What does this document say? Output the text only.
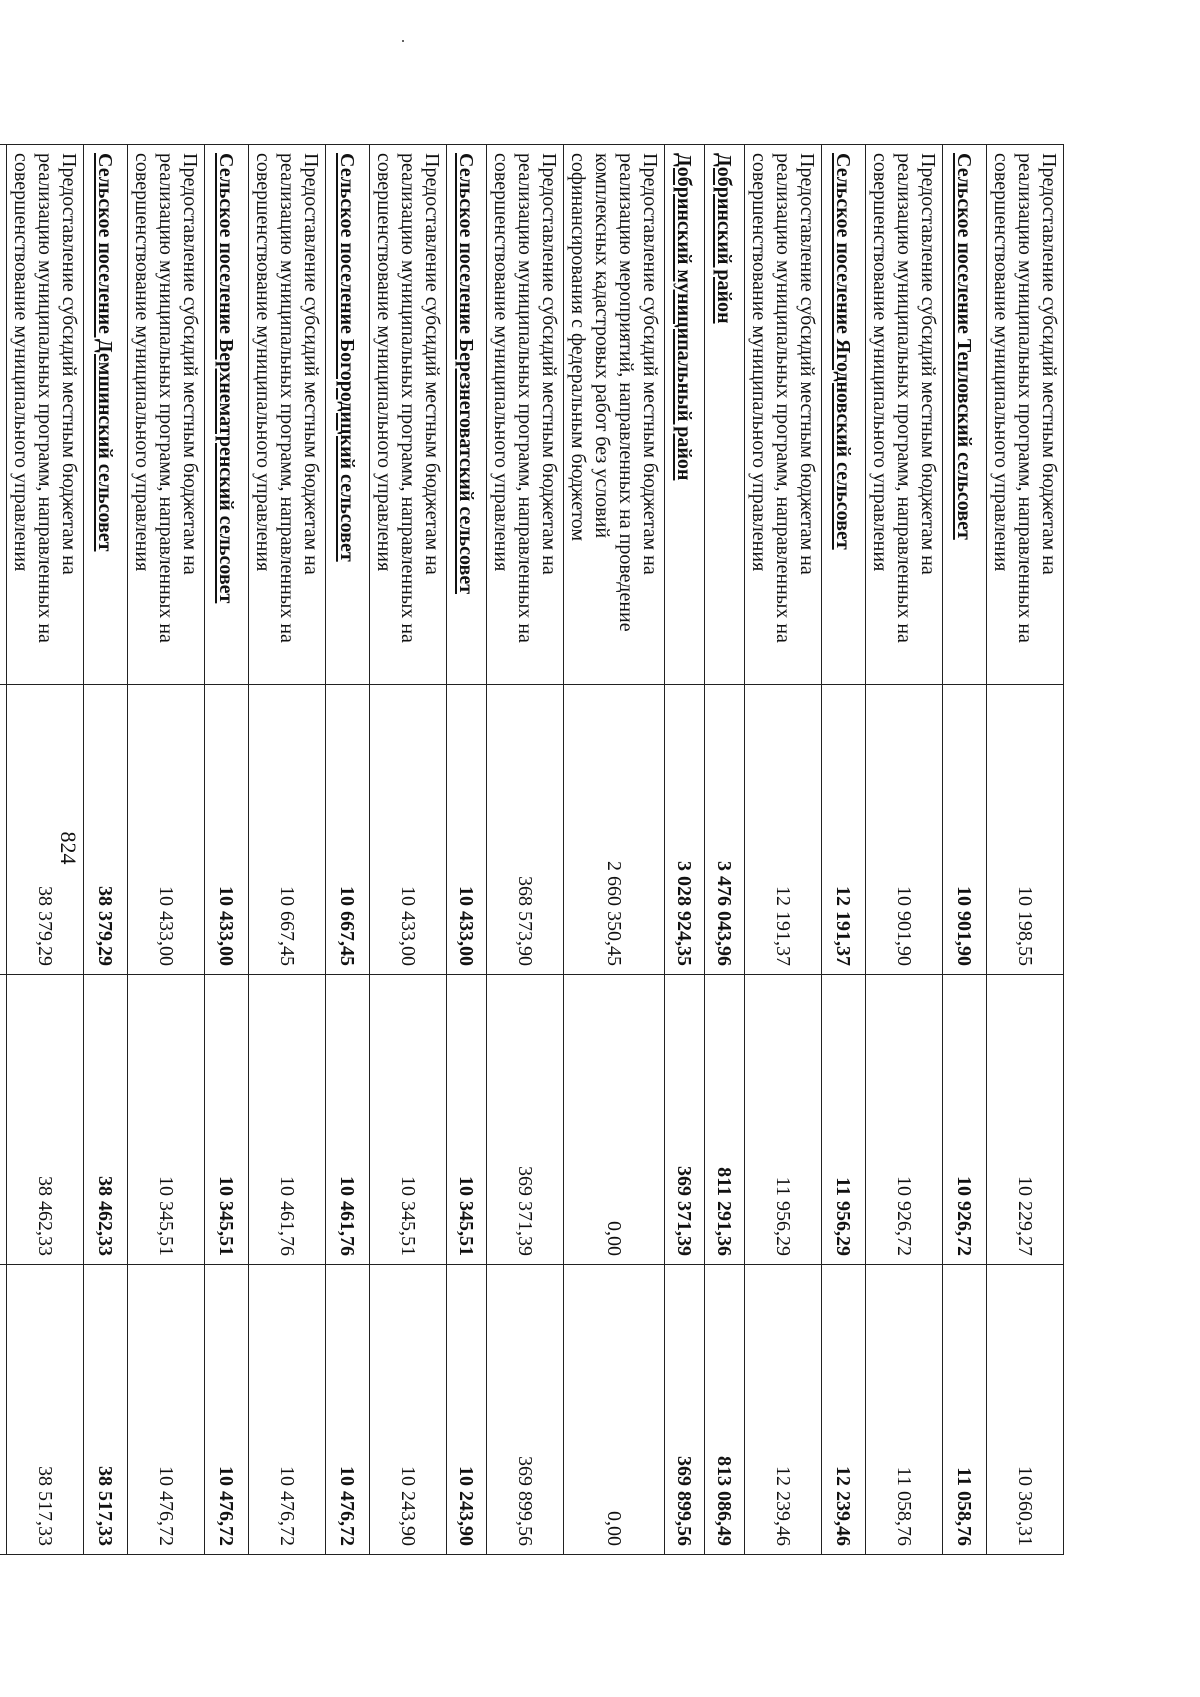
824
Предоставление субсидий местным бюджетам на реализацию муниципальных программ, направленных на совершенствование муниципального управления	10 198,55	10 229,27	10 360,31
Сельское поселение Тепловский сельсовет	10 901,90	10 926,72	11 058,76
Предоставление субсидий местным бюджетам на реализацию муниципальных программ, направленных на совершенствование муниципального управления	10 901,90	10 926,72	11 058,76
Сельское поселение Ягодновский сельсовет	12 191,37	11 956,29	12 239,46
Предоставление субсидий местным бюджетам на реализацию муниципальных программ, направленных на совершенствование муниципального управления	12 191,37	11 956,29	12 239,46
Добринский район	3 476 043,96	811 291,36	813 086,49
Добринский муниципальный район	3 028 924,35	369 371,39	369 899,56
Предоставление субсидий местным бюджетам на реализацию мероприятий, направленных на проведение комплексных кадастровых работ без условий софинансирования с федеральным бюджетом	2 660 350,45	0,00	0,00
Предоставление субсидий местным бюджетам на реализацию муниципальных программ, направленных на совершенствование муниципального управления	368 573,90	369 371,39	369 899,56
Сельское поселение Березнеговатский сельсовет	10 433,00	10 345,51	10 243,90
Предоставление субсидий местным бюджетам на реализацию муниципальных программ, направленных на совершенствование муниципального управления	10 433,00	10 345,51	10 243,90
Сельское поселение Богородицкий сельсовет	10 667,45	10 461,76	10 476,72
Предоставление субсидий местным бюджетам на реализацию муниципальных программ, направленных на совершенствование муниципального управления	10 667,45	10 461,76	10 476,72
Сельское поселение Верхнематренский сельсовет	10 433,00	10 345,51	10 476,72
Предоставление субсидий местным бюджетам на реализацию муниципальных программ, направленных на совершенствование муниципального управления	10 433,00	10 345,51	10 476,72
Сельское поселение Демшинский сельсовет	38 379,29	38 462,33	38 517,33
Предоставление субсидий местным бюджетам на реализацию муниципальных программ, направленных на совершенствование муниципального управления	38 379,29	38 462,33	38 517,33
